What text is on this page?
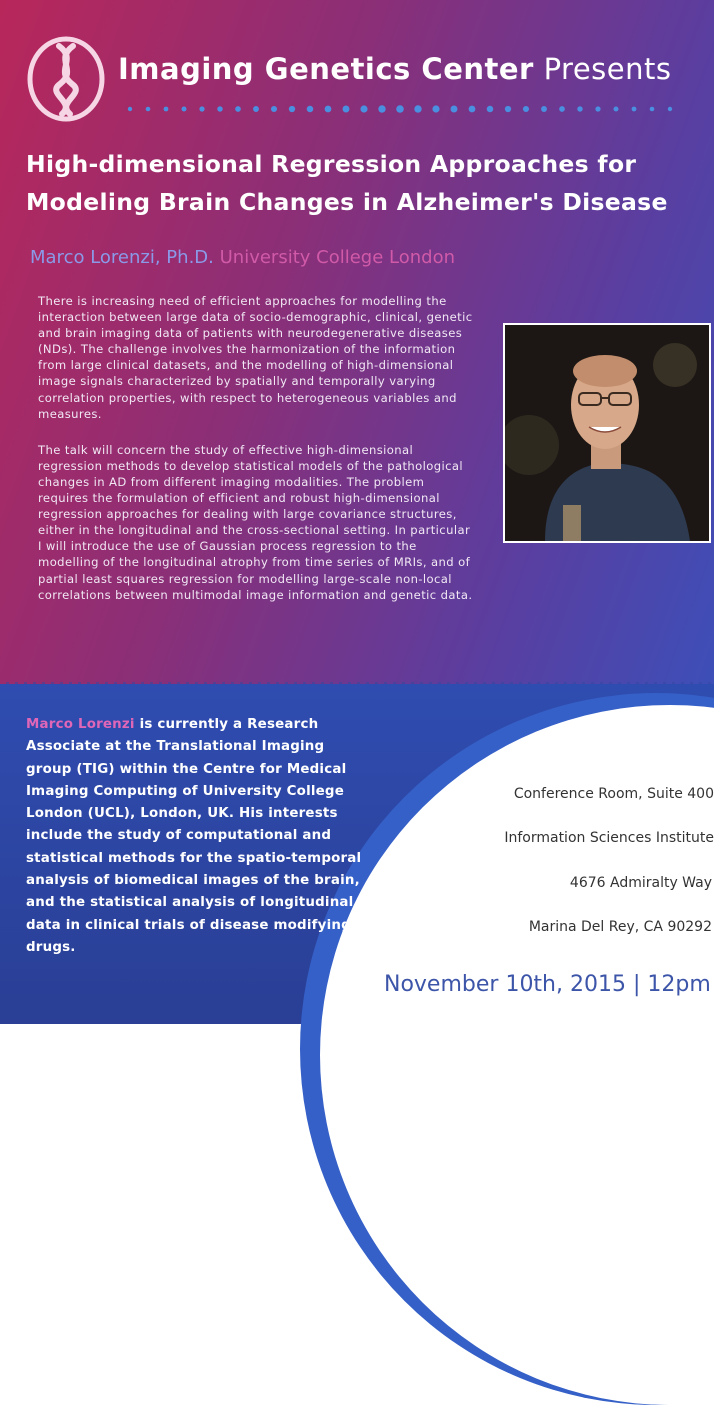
Imaging Genetics Center Presents
High-dimensional Regression Approaches for
Modeling Brain Changes in Alzheimer's Disease
Marco Lorenzi, Ph.D. University College London

There is increasing need of efficient approaches for modelling the interaction between large data of socio-demographic, clinical, genetic and brain imaging data of patients with neurodegenerative diseases (NDs). The challenge involves the harmonization of the information from large clinical datasets, and the modelling of high-dimensional image signals characterized by spatially and temporally varying correlation properties, with respect to heterogeneous variables and measures.

The talk will concern the study of effective high-dimensional regression methods to develop statistical models of the pathological changes in AD from different imaging modalities. The problem requires the formulation of efficient and robust high-dimensional regression approaches for dealing with large covariance structures, either in the longitudinal and the cross-sectional setting. In particular I will introduce the use of Gaussian process regression to the modelling of the longitudinal atrophy from time series of MRIs, and of partial least squares regression for modelling large-scale non-local correlations between multimodal image information and genetic data.

Marco Lorenzi is currently a Research Associate at the Translational Imaging group (TIG) within the Centre for Medical Imaging Computing of University College London (UCL), London, UK. His interests include the study of computational and statistical methods for the spatio-temporal analysis of biomedical images of the brain, and the statistical analysis of longitudinal data in clinical trials of disease modifying drugs.
Conference Room, Suite 400
Information Sciences Institute
4676 Admiralty Way
Marina Del Rey, CA 90292
November 10th, 2015 | 12pm
